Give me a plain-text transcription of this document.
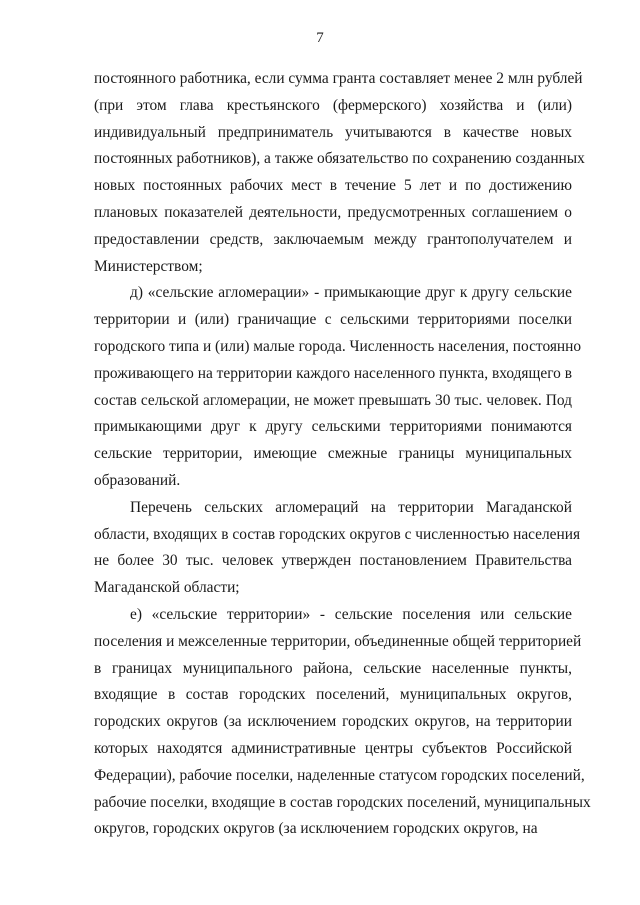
7
постоянного работника, если сумма гранта составляет менее 2 млн рублей
(при этом глава крестьянского (фермерского) хозяйства и (или)
индивидуальный предприниматель учитываются в качестве новых
постоянных работников), а также обязательство по сохранению созданных
новых постоянных рабочих мест в течение 5 лет и по достижению
плановых показателей деятельности, предусмотренных соглашением о
предоставлении средств, заключаемым между грантополучателем и
Министерством;
д) «сельские агломерации» - примыкающие друг к другу сельские
территории и (или) граничащие с сельскими территориями поселки
городского типа и (или) малые города. Численность населения, постоянно
проживающего на территории каждого населенного пункта, входящего в
состав сельской агломерации, не может превышать 30 тыс. человек. Под
примыкающими друг к другу сельскими территориями понимаются
сельские территории, имеющие смежные границы муниципальных
образований.
Перечень сельских агломераций на территории Магаданской
области, входящих в состав городских округов с численностью населения
не более 30 тыс. человек утвержден постановлением Правительства
Магаданской области;
е) «сельские территории» - сельские поселения или сельские
поселения и межселенные территории, объединенные общей территорией
в границах муниципального района, сельские населенные пункты,
входящие в состав городских поселений, муниципальных округов,
городских округов (за исключением городских округов, на территории
которых находятся административные центры субъектов Российской
Федерации), рабочие поселки, наделенные статусом городских поселений,
рабочие поселки, входящие в состав городских поселений, муниципальных
округов, городских округов (за исключением городских округов, на
